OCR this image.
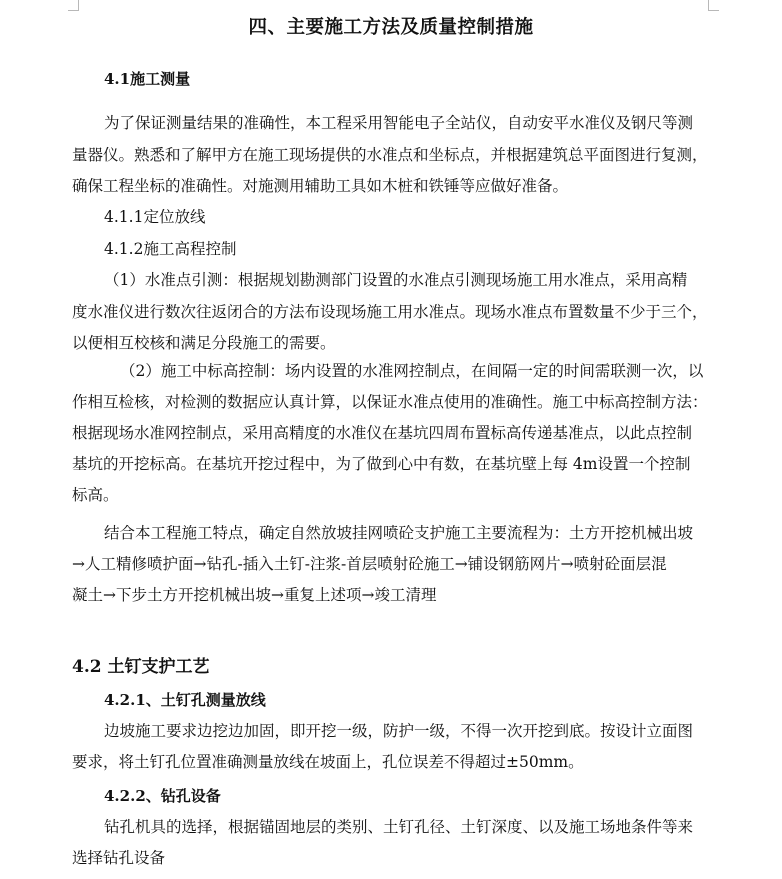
四、主要施工方法及质量控制措施
4.1施工测量
为了保证测量结果的准确性，本工程采用智能电子全站仪，自动安平水准仪及钢尺等测
量器仪。熟悉和了解甲方在施工现场提供的水准点和坐标点，并根据建筑总平面图进行复测，
确保工程坐标的准确性。对施测用辅助工具如木桩和铁锤等应做好准备。
4.1.1定位放线
4.1.2施工高程控制
（1）水准点引测：根据规划勘测部门设置的水准点引测现场施工用水准点，采用高精
度水准仪进行数次往返闭合的方法布设现场施工用水准点。现场水准点布置数量不少于三个，
以便相互校核和满足分段施工的需要。
（2）施工中标高控制：场内设置的水准网控制点，在间隔一定的时间需联测一次，以
作相互检核，对检测的数据应认真计算，以保证水准点使用的准确性。施工中标高控制方法：
根据现场水准网控制点，采用高精度的水准仪在基坑四周布置标高传递基准点，以此点控制
基坑的开挖标高。在基坑开挖过程中，为了做到心中有数，在基坑壁上每 4m设置一个控制
标高。
结合本工程施工特点，确定自然放坡挂网喷砼支护施工主要流程为：土方开挖机械出坡
→人工精修喷护面→钻孔-插入土钉-注浆-首层喷射砼施工→铺设钢筋网片→喷射砼面层混
凝土→下步土方开挖机械出坡→重复上述项→竣工清理
4.2 土钉支护工艺
4.2.1、土钉孔测量放线
边坡施工要求边挖边加固，即开挖一级，防护一级，不得一次开挖到底。按设计立面图
要求，将土钉孔位置准确测量放线在坡面上，孔位误差不得超过±50mm。
4.2.2、钻孔设备
钻孔机具的选择，根据锚固地层的类别、土钉孔径、土钉深度、以及施工场地条件等来
选择钻孔设备
